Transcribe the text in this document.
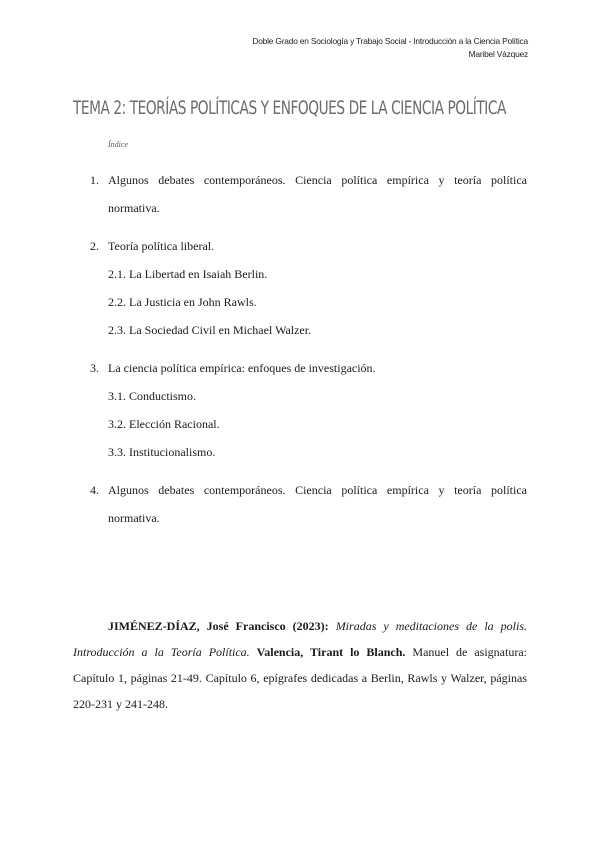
Doble Grado en Sociología y Trabajo Social - Introducción a la Ciencia Política
Maribel Vázquez
TEMA 2: TEORÍAS POLÍTICAS Y ENFOQUES DE LA CIENCIA POLÍTICA
Índice
1. Algunos debates contemporáneos. Ciencia política empírica y teoría política normativa.
2. Teoría política liberal.
2.1. La Libertad en Isaiah Berlin.
2.2. La Justicia en John Rawls.
2.3. La Sociedad Civil en Michael Walzer.
3. La ciencia política empírica: enfoques de investigación.
3.1. Conductismo.
3.2. Elección Racional.
3.3. Institucionalismo.
4. Algunos debates contemporáneos. Ciencia política empírica y teoría política normativa.
JIMÉNEZ-DÍAZ, José Francisco (2023): Miradas y meditaciones de la polis. Introducción a la Teoría Política. Valencia, Tirant lo Blanch. Manuel de asignatura: Capítulo 1, páginas 21-49. Capítulo 6, epígrafes dedicadas a Berlin, Rawls y Walzer, páginas 220-231 y 241-248.
